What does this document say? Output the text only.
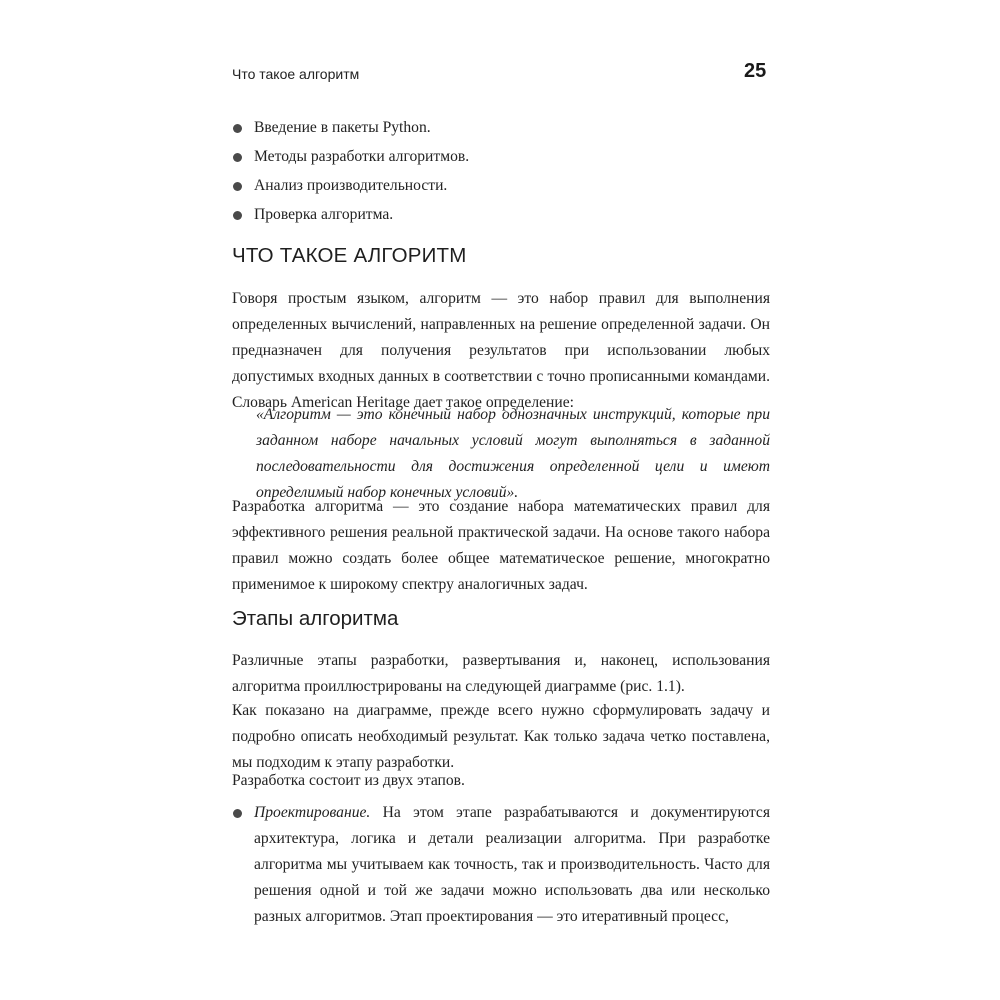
Что такое алгоритм	25
Введение в пакеты Python.
Методы разработки алгоритмов.
Анализ производительности.
Проверка алгоритма.
ЧТО ТАКОЕ АЛГОРИТМ
Говоря простым языком, алгоритм — это набор правил для выполнения определенных вычислений, направленных на решение определенной задачи. Он предназначен для получения результатов при использовании любых допустимых входных данных в соответствии с точно прописанными командами. Словарь American Heritage дает такое определение:
«Алгоритм — это конечный набор однозначных инструкций, которые при заданном наборе начальных условий могут выполняться в заданной последовательности для достижения определенной цели и имеют определимый набор конечных условий».
Разработка алгоритма — это создание набора математических правил для эффективного решения реальной практической задачи. На основе такого набора правил можно создать более общее математическое решение, многократно применимое к широкому спектру аналогичных задач.
Этапы алгоритма
Различные этапы разработки, развертывания и, наконец, использования алгоритма проиллюстрированы на следующей диаграмме (рис. 1.1).
Как показано на диаграмме, прежде всего нужно сформулировать задачу и подробно описать необходимый результат. Как только задача четко поставлена, мы подходим к этапу разработки.
Разработка состоит из двух этапов.
Проектирование. На этом этапе разрабатываются и документируются архитектура, логика и детали реализации алгоритма. При разработке алгоритма мы учитываем как точность, так и производительность. Часто для решения одной и той же задачи можно использовать два или несколько разных алгоритмов. Этап проектирования — это итеративный процесс,
